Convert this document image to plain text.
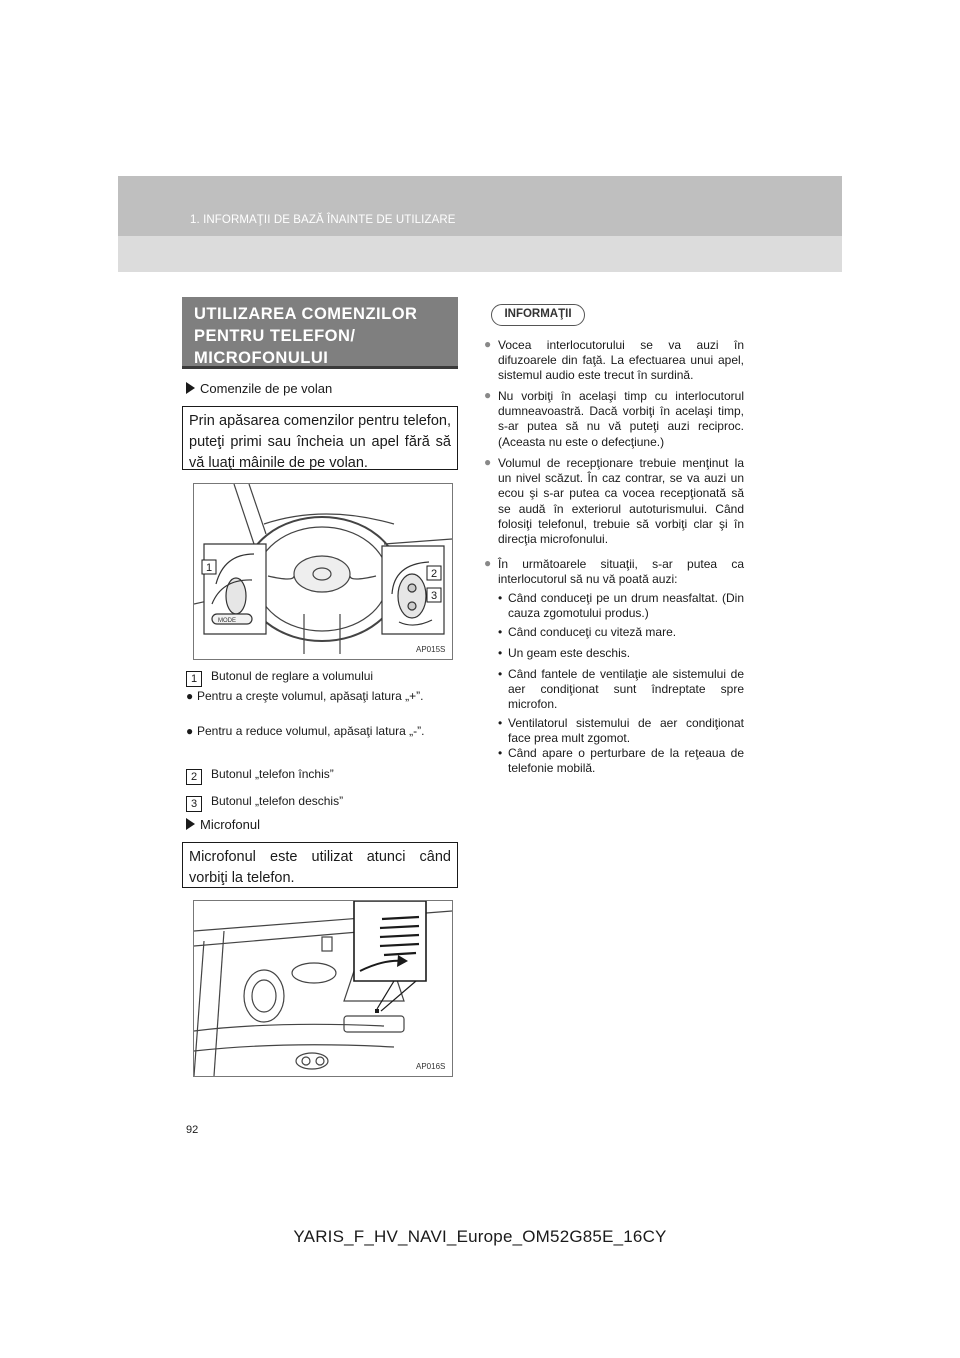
1. INFORMAŢII DE BAZĂ ÎNAINTE DE UTILIZARE
UTILIZAREA COMENZILOR PENTRU TELEFON/ MICROFONULUI
Comenzile de pe volan
Prin apăsarea comenzilor pentru telefon, puteţi primi sau încheia un apel fără să vă luaţi mâinile de pe volan.
MODE
1	2
3
AP015S
1 Butonul de reglare a volumului
● Pentru a creşte volumul, apăsaţi latura „+”.
● Pentru a reduce volumul, apăsaţi latura „-”.
2 Butonul „telefon închis”
3 Butonul „telefon deschis”
Microfonul
Microfonul este utilizat atunci când vorbiţi la telefon.
AP016S
INFORMAŢII
● Vocea interlocutorului se va auzi în difuzoarele din faţă. La efectuarea unui apel, sistemul audio este trecut în surdină.
● Nu vorbiţi în acelaşi timp cu interlocutorul dumneavoastră. Dacă vorbiţi în acelaşi timp, s-ar putea să nu vă puteţi auzi reciproc. (Aceasta nu este o defecţiune.)
● Volumul de recepţionare trebuie menţinut la un nivel scăzut. În caz contrar, se va auzi un ecou şi s-ar putea ca vocea recepţionată să se audă în exteriorul autoturismului. Când folosiţi telefonul, trebuie să vorbiţi clar şi în direcţia microfonului.
● În următoarele situaţii, s-ar putea ca interlocutorul să nu vă poată auzi:
• Când conduceţi pe un drum neasfaltat. (Din cauza zgomotului produs.)
• Când conduceţi cu viteză mare.
• Un geam este deschis.
• Când fantele de ventilaţie ale sistemului de aer condiţionat sunt îndreptate spre microfon.
• Ventilatorul sistemului de aer condiţionat face prea mult zgomot.
• Când apare o perturbare de la reţeaua de telefonie mobilă.
92
YARIS_F_HV_NAVI_Europe_OM52G85E_16CY
